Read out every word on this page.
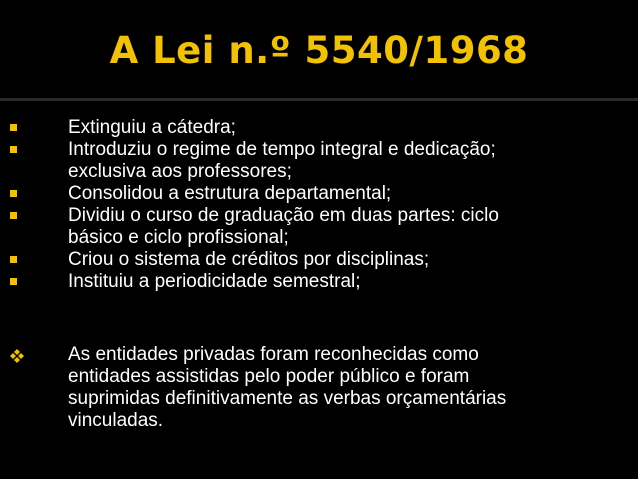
A Lei n.º 5540/1968
Extinguiu a cátedra;
Introduziu o regime de tempo integral e dedicação;
exclusiva aos professores;
Consolidou a estrutura departamental;
Dividiu o curso de graduação em duas partes: ciclo
básico e ciclo profissional;
Criou o sistema de créditos por disciplinas;
Instituiu a periodicidade semestral;
As entidades privadas foram reconhecidas como
entidades assistidas pelo poder público e foram
suprimidas definitivamente as verbas orçamentárias
vinculadas.
